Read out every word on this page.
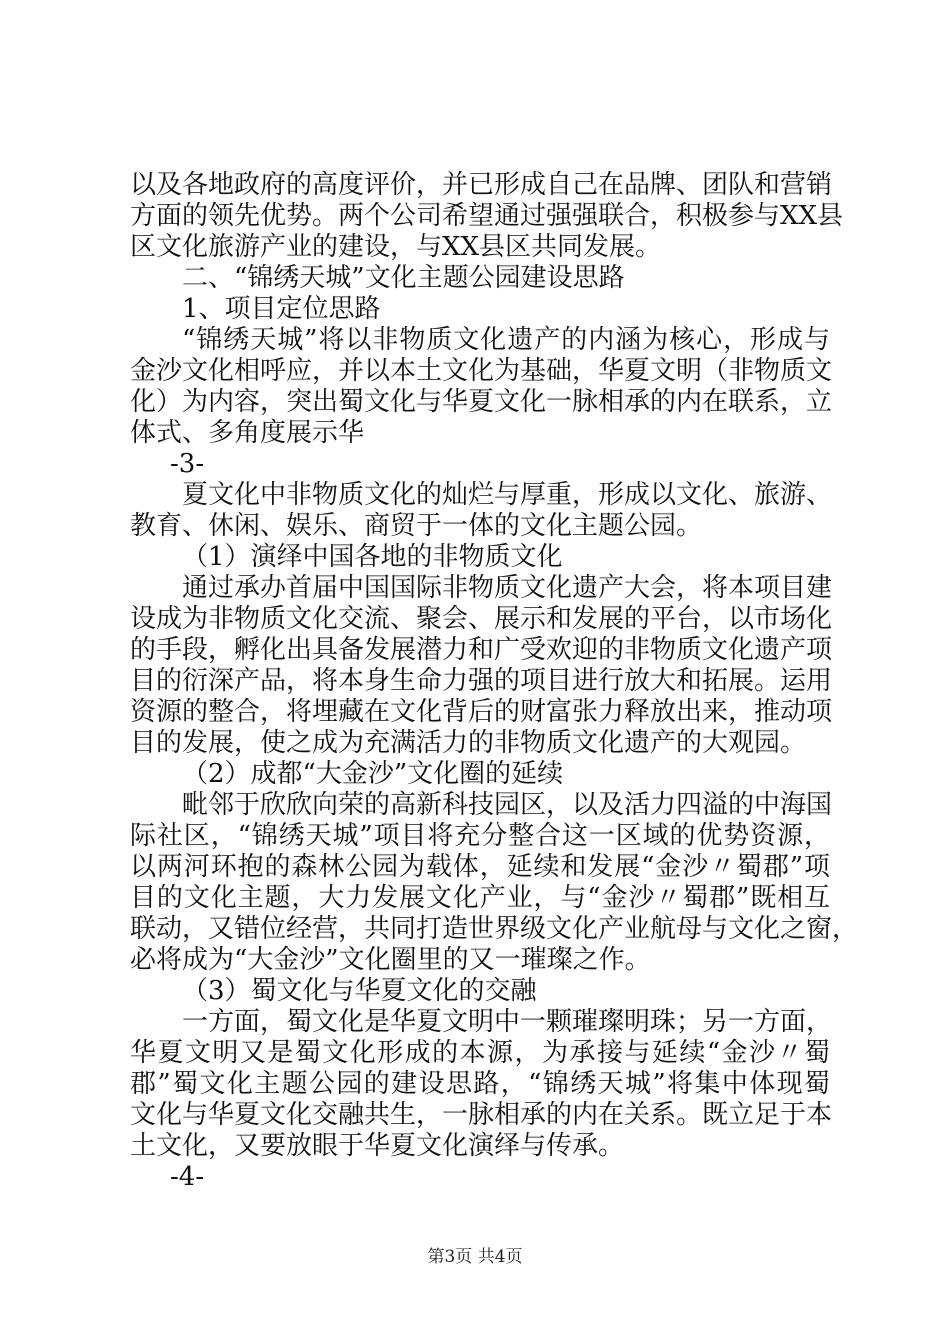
以及各地政府的高度评价，并已形成自己在品牌、团队和营销
方面的领先优势。两个公司希望通过强强联合，积极参与XX县
区文化旅游产业的建设，与XX县区共同发展。
二、“锦绣天城”文化主题公园建设思路
1、项目定位思路
“锦绣天城”将以非物质文化遗产的内涵为核心，形成与
金沙文化相呼应，并以本土文化为基础，华夏文明（非物质文
化）为内容，突出蜀文化与华夏文化一脉相承的内在联系，立
体式、多角度展示华
-3-
夏文化中非物质文化的灿烂与厚重，形成以文化、旅游、
教育、休闲、娱乐、商贸于一体的文化主题公园。
（1）演绎中国各地的非物质文化
通过承办首届中国国际非物质文化遗产大会，将本项目建
设成为非物质文化交流、聚会、展示和发展的平台，以市场化
的手段，孵化出具备发展潜力和广受欢迎的非物质文化遗产项
目的衍深产品，将本身生命力强的项目进行放大和拓展。运用
资源的整合，将埋藏在文化背后的财富张力释放出来，推动项
目的发展，使之成为充满活力的非物质文化遗产的大观园。
（2）成都“大金沙”文化圈的延续
毗邻于欣欣向荣的高新科技园区，以及活力四溢的中海国
际社区，“锦绣天城”项目将充分整合这一区域的优势资源，
以两河环抱的森林公园为载体，延续和发展“金沙〃蜀郡”项
目的文化主题，大力发展文化产业，与“金沙〃蜀郡”既相互
联动，又错位经营，共同打造世界级文化产业航母与文化之窗，
必将成为“大金沙”文化圈里的又一璀璨之作。
（3）蜀文化与华夏文化的交融
一方面，蜀文化是华夏文明中一颗璀璨明珠；另一方面，
华夏文明又是蜀文化形成的本源，为承接与延续“金沙〃蜀
郡”蜀文化主题公园的建设思路，“锦绣天城”将集中体现蜀
文化与华夏文化交融共生，一脉相承的内在关系。既立足于本
土文化，又要放眼于华夏文化演绎与传承。
-4-
第3页 共4页
